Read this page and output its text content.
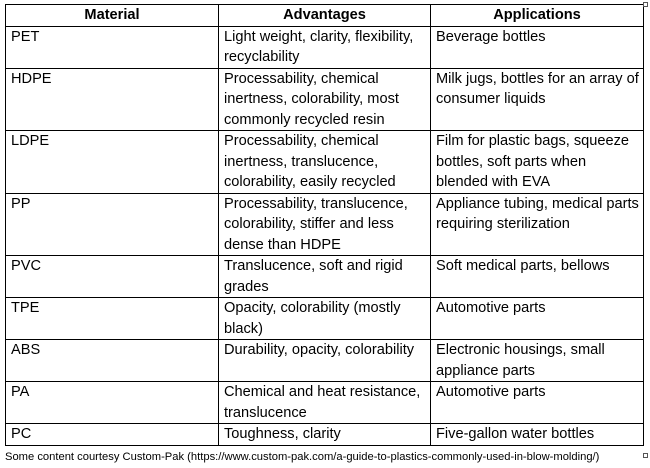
Material	Advantages	Applications
PET	Light weight, clarity, flexibility, recyclability	Beverage bottles
HDPE	Processability, chemical inertness, colorability, most commonly recycled resin	Milk jugs, bottles for an array of consumer liquids
LDPE	Processability, chemical inertness, translucence, colorability, easily recycled	Film for plastic bags, squeeze bottles, soft parts when blended with EVA
PP	Processability, translucence, colorability, stiffer and less dense than HDPE	Appliance tubing, medical parts requiring sterilization
PVC	Translucence, soft and rigid grades	Soft medical parts, bellows
TPE	Opacity, colorability (mostly black)	Automotive parts
ABS	Durability, opacity, colorability	Electronic housings, small appliance parts
PA	Chemical and heat resistance, translucence	Automotive parts
PC	Toughness, clarity	Five-gallon water bottles
Some content courtesy Custom-Pak (https://www.custom-pak.com/a-guide-to-plastics-commonly-used-in-blow-molding/)
